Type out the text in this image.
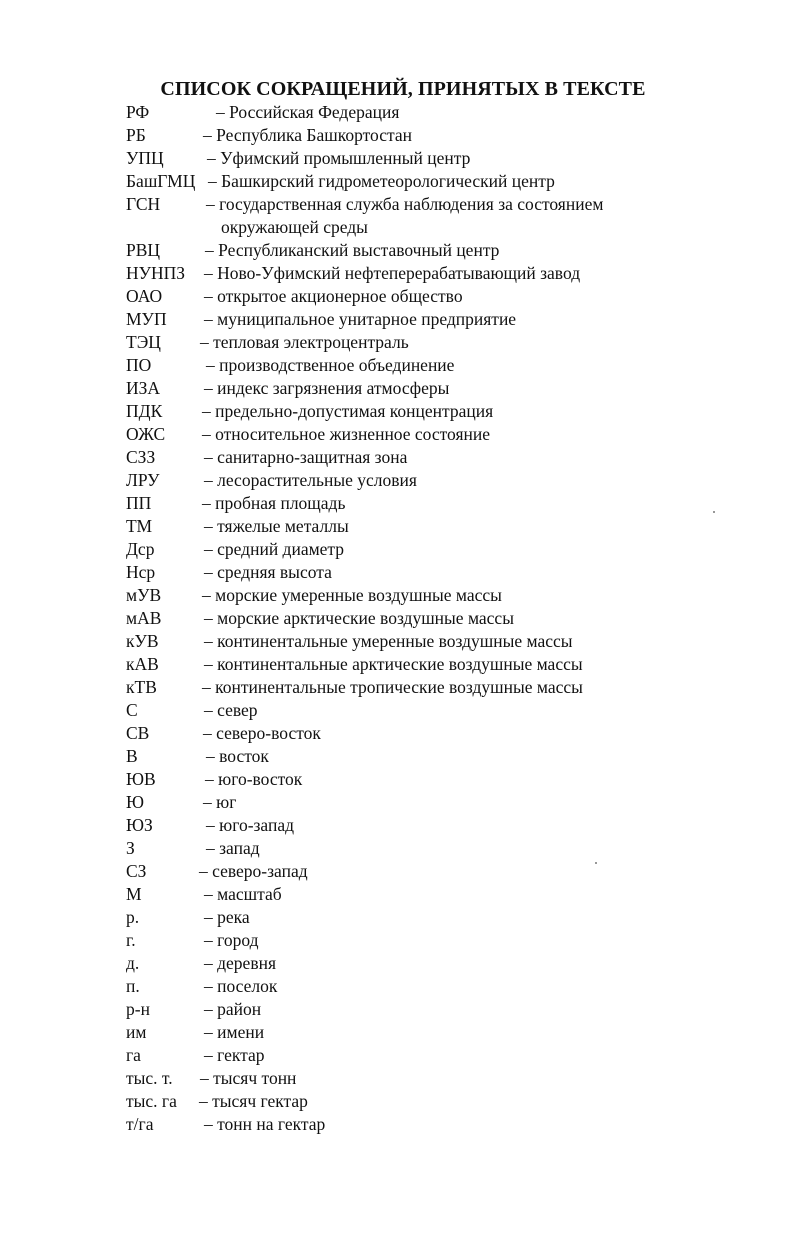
СПИСОК СОКРАЩЕНИЙ, ПРИНЯТЫХ В ТЕКСТЕ
РФ	– Российская Федерация
РБ	– Республика Башкортостан
УПЦ – Уфимский промышленный центр
БашГМЦ – Башкирский гидрометеорологический центр
ГСН	– государственная служба наблюдения за состоянием
окружающей среды
РВЦ	– Республиканский выставочный центр
НУНПЗ – Ново-Уфимский нефтеперерабатывающий завод
ОАО – открытое акционерное общество
МУП – муниципальное унитарное предприятие
ТЭЦ – тепловая электроцентраль
ПО	– производственное объединение
ИЗА	– индекс загрязнения атмосферы
ПДК – предельно-допустимая концентрация
ОЖС – относительное жизненное состояние
СЗЗ	– санитарно-защитная зона
ЛРУ	– лесорастительные условия
ПП	– пробная площадь
ТМ	– тяжелые металлы
Дср	– средний диаметр
Нср	– средняя высота
мУВ – морские умеренные воздушные массы
мАВ – морские арктические воздушные массы
кУВ	– континентальные умеренные воздушные массы
кАВ	– континентальные арктические воздушные массы
кТВ	– континентальные тропические воздушные массы
С	– север
СВ	– северо-восток
В	– восток
ЮВ	– юго-восток
Ю	– юг
ЮЗ	– юго-запад
З	– запад
СЗ	– северо-запад
М	– масштаб
р.	– река
г.	– город
д.	– деревня
п.	– поселок
р-н	– район
им	– имени
га	– гектар
тыс. т. – тысяч тонн
тыс. га – тысяч гектар
т/га	– тонн на гектар
